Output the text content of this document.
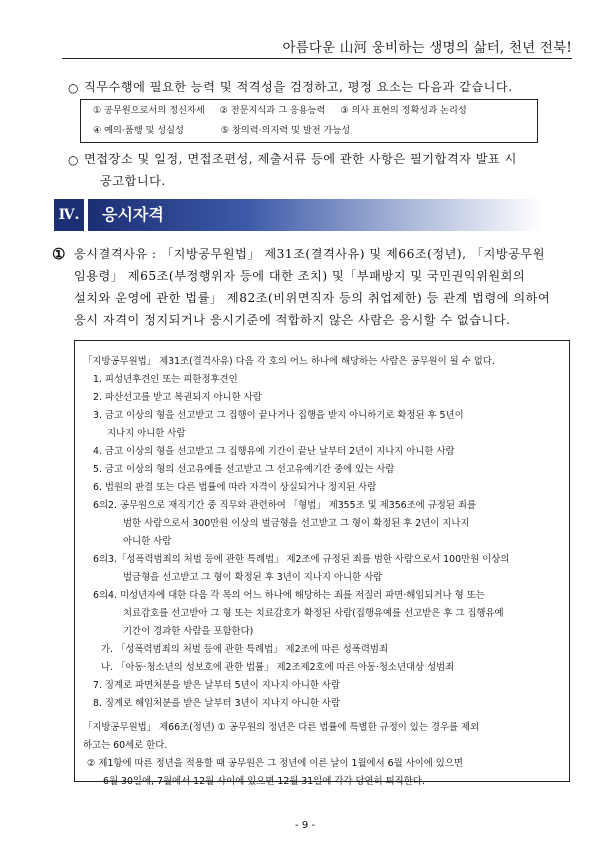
아름다운 山河 웅비하는 생명의 삶터, 천년 전북!
○ 직무수행에 필요한 능력 및 적격성을 검정하고, 평정 요소는 다음과 같습니다.
① 공무원으로서의 정신자세 ② 전문지식과 그 응용능력 ③ 의사 표현의 정확성과 논리성
④ 예의·품행 및 성실성	⑤ 창의력·의지력 및 발전 가능성
○ 면접장소 및 일정, 면접조편성, 제출서류 등에 관한 사항은 필기합격자 발표 시
공고합니다.
Ⅳ.	응시자격
① 응시결격사유 : 「지방공무원법」 제31조(결격사유) 및 제66조(정년), 「지방공무원
임용령」 제65조(부정행위자 등에 대한 조치) 및「부패방지 및 국민권익위원회의
설치와 운영에 관한 법률」 제82조(비위면직자 등의 취업제한) 등 관계 법령에 의하여
응시 자격이 정지되거나 응시기준에 적합하지 않은 사람은 응시할 수 없습니다.
「지방공무원법」 제31조(결격사유) 다음 각 호의 어느 하나에 해당하는 사람은 공무원이 될 수 없다.
1. 피성년후견인 또는 피한정후견인
2. 파산선고를 받고 복권되지 아니한 사람
3. 금고 이상의 형을 선고받고 그 집행이 끝나거나 집행을 받지 아니하기로 확정된 후 5년이
지나지 아니한 사람
4. 금고 이상의 형을 선고받고 그 집행유예 기간이 끝난 날부터 2년이 지나지 아니한 사람
5. 금고 이상의 형의 선고유예를 선고받고 그 선고유예기간 중에 있는 사람
6. 법원의 판결 또는 다른 법률에 따라 자격이 상실되거나 정지된 사람
6의2. 공무원으로 재직기간 중 직무와 관련하여 「형법」 제355조 및 제356조에 규정된 죄를
범한 사람으로서 300만원 이상의 벌금형을 선고받고 그 형이 확정된 후 2년이 지나지
아니한 사람
6의3.「성폭력범죄의 처벌 등에 관한 특례법」 제2조에 규정된 죄를 범한 사람으로서 100만원 이상의
벌금형을 선고받고 그 형이 확정된 후 3년이 지나지 아니한 사람
6의4. 미성년자에 대한 다음 각 목의 어느 하나에 해당하는 죄를 저질러 파면·해임되거나 형 또는
치료감호를 선고받아 그 형 또는 치료감호가 확정된 사람(집행유예를 선고받은 후 그 집행유예
기간이 경과한 사람을 포함한다)
가. 「성폭력범죄의 처벌 등에 관한 특례법」 제2조에 따른 성폭력범죄
나. 「아동·청소년의 성보호에 관한 법률」 제2조제2호에 따른 아동·청소년대상 성범죄
7. 징계로 파면처분을 받은 날부터 5년이 지나지 아니한 사람
8. 징계로 해임처분을 받은 날부터 3년이 지나지 아니한 사람
「지방공무원법」 제66조(정년) ① 공무원의 정년은 다른 법률에 특별한 규정이 있는 경우를 제외
하고는 60세로 한다.
② 제1항에 따른 정년을 적용할 때 공무원은 그 정년에 이른 날이 1월에서 6월 사이에 있으면
6월 30일에, 7월에서 12월 사이에 있으면 12월 31일에 각각 당연히 퇴직한다.
- 9 -
